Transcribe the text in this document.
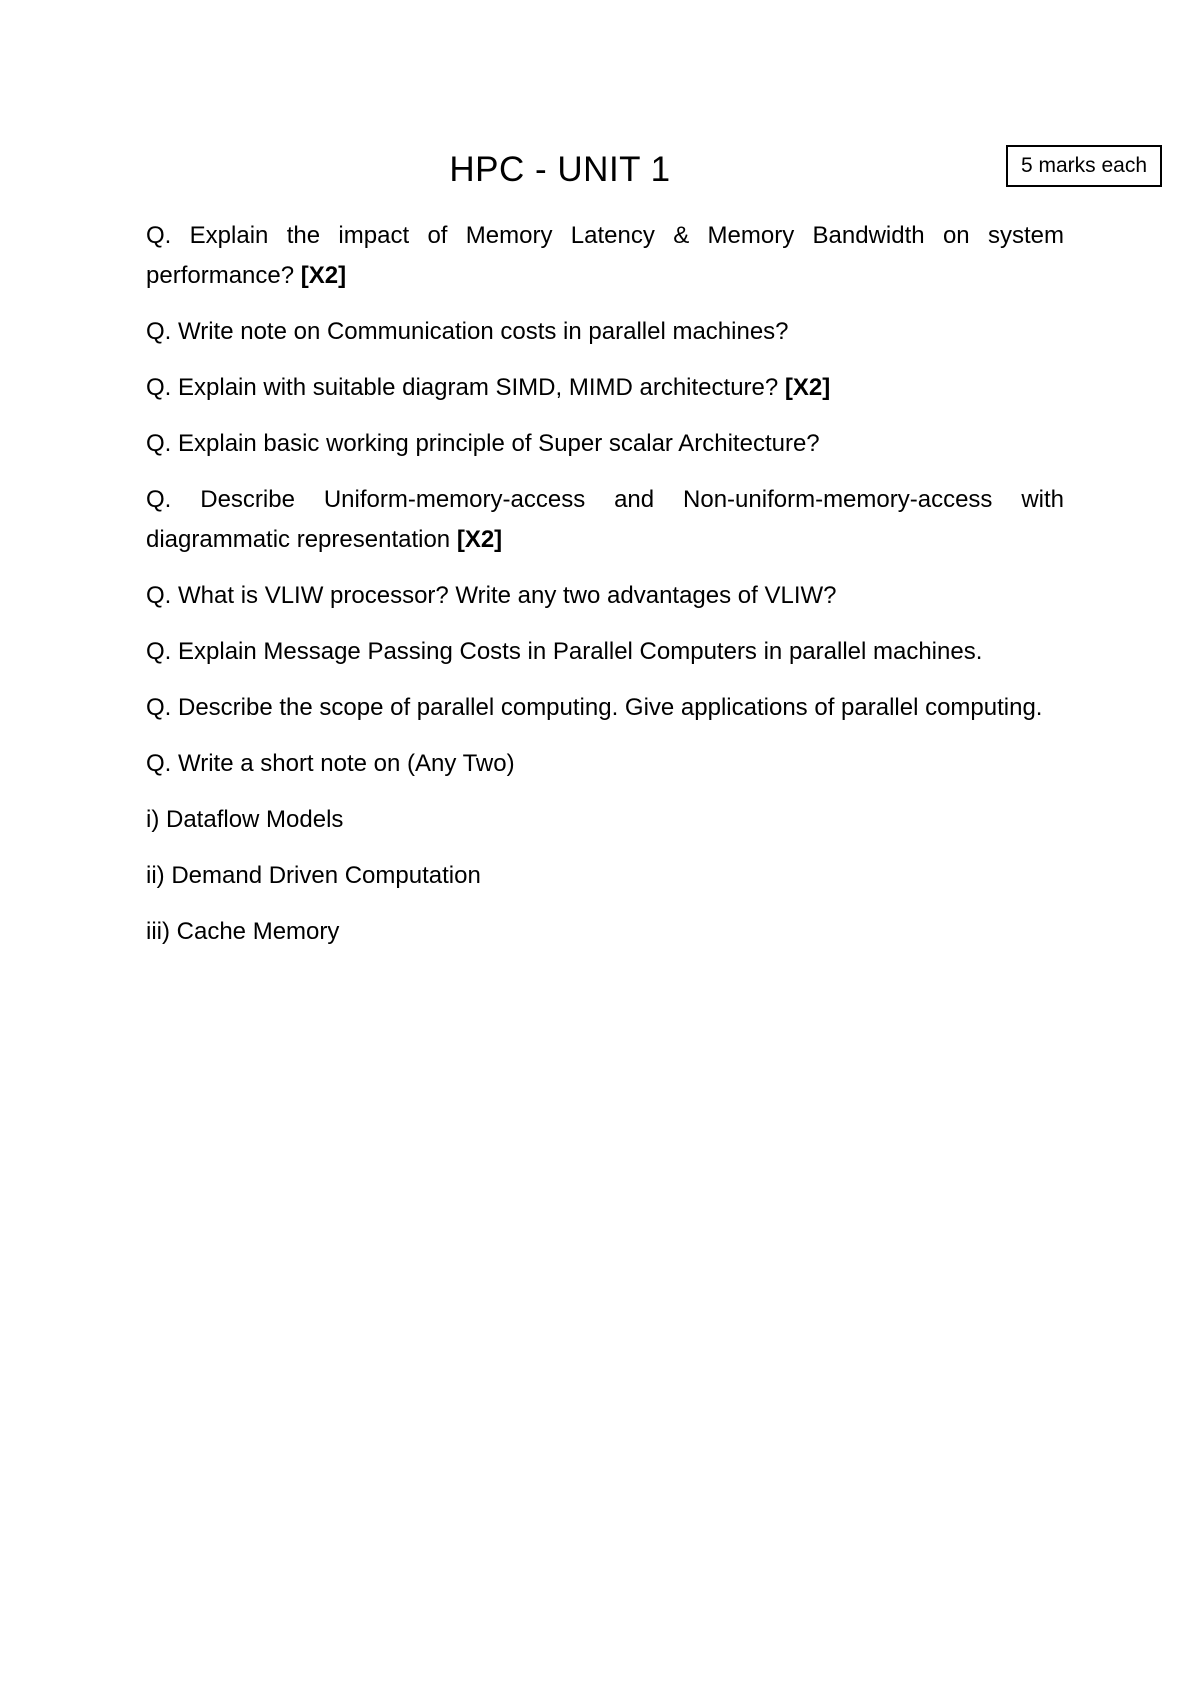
HPC - UNIT 1	5 marks each

Q. Explain the impact of Memory Latency & Memory Bandwidth on system performance? [X2]

Q. Write note on Communication costs in parallel machines?

Q. Explain with suitable diagram SIMD, MIMD architecture? [X2]

Q. Explain basic working principle of Super scalar Architecture?

Q. Describe Uniform-memory-access and Non-uniform-memory-access with diagrammatic representation [X2]

Q. What is VLIW processor? Write any two advantages of VLIW?

Q. Explain Message Passing Costs in Parallel Computers in parallel machines.

Q. Describe the scope of parallel computing. Give applications of parallel computing.

Q. Write a short note on (Any Two)

i) Dataflow Models

ii) Demand Driven Computation

iii) Cache Memory
